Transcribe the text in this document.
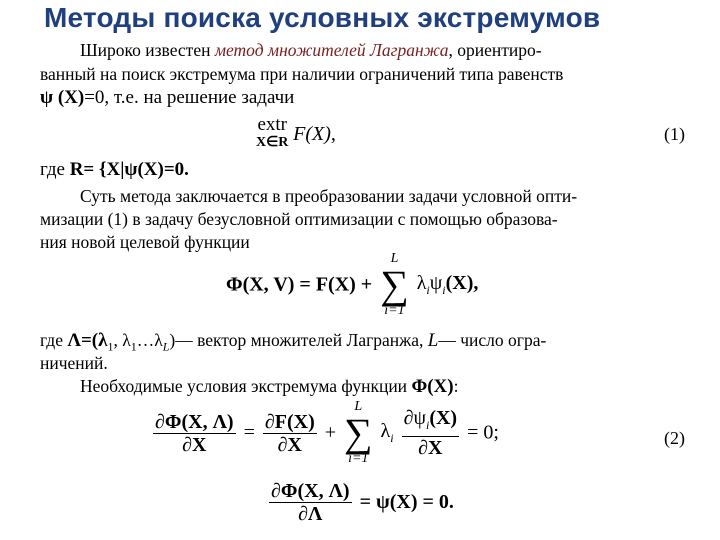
Методы поиска условных экстремумов
Широко известен метод множителей Лагранжа, ориентиро-
ванный на поиск экстремума при наличии ограничений типа равенств
ψ (X)=0, т.е. на решение задачи
extr
X∈R F(X),	(1)
где R= {X|ψ(X)=0.
Суть метода заключается в преобразовании задачи условной опти-
мизации (1) в задачу безусловной оптимизации с помощью образова-
ния новой целевой функции
Φ(X, V) = F(X) +
L
∑
i=1
$\lambda_i\psi_i(X)$,
где $\Lambda=(\lambda_1$, $\lambda_1\dots\lambda_L)—$ вектор множителей Лагранжа, L— число огра-
ничений.
Необходимые условия экстремума функции Φ(X):
$\frac{\partial\Phi(X, \Lambda)}{\partial X} = \frac{\partial F(X)}{\partial X}$ +
L
∑
i=1
$\lambda_i \frac{\partial\psi_i(X)}{\partial X} = 0$;	(2)
$\frac{\partial\Phi(X, \Lambda)}{\partial\Lambda} = \psi(X) = 0$.
